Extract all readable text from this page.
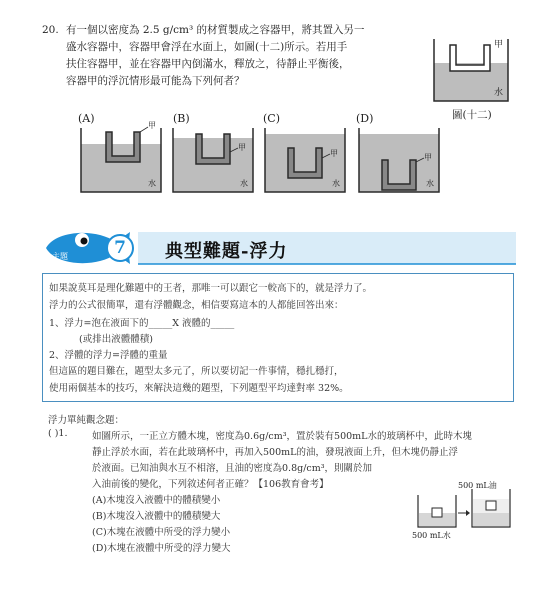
20. 有一個以密度為 2.5 g/cm³ 的材質製成之容器甲，將其置入另一
盛水容器中，容器甲會浮在水面上，如圖(十二)所示。若用手
扶住容器甲，並在容器甲內倒滿水，釋放之，待靜止平衡後，
容器甲的浮沉情形最可能為下列何者？
甲
水
圖(十二)
(A)	(B)	(C)	(D)
甲
水
甲
水
甲
水
甲
水
主題	7 典型難題-浮力
如果說莫耳是理化難題中的王者，那唯一可以跟它一較高下的，就是浮力了。
浮力的公式很簡單，還有浮體觀念，相信要寫這本的人都能回答出來：
1、浮力=泡在液面下的_____X 液體的_____
(或排出液體體積)
2、浮體的浮力=浮體的重量
但這區的題目難在，題型太多元了，所以要切記一件事情，穩扎穩打，
使用兩個基本的技巧，來解決這幾的題型，下列題型平均達對率 32%。
浮力單純觀念題：
( )1.	如圖所示，一正立方體木塊，密度為0.6g/cm³，置於裝有500mL水的玻璃杯中，此時木塊
靜止浮於水面，若在此玻璃杯中，再加入500mL的油，發現液面上升，但木塊仍靜止浮
於液面。已知油與水互不相溶，且油的密度為0.8g/cm³，則關於加
入油前後的變化，下列敘述何者正確？【106教育會考】
(A)木塊沒入液體中的體積變小
(B)木塊沒入液體中的體積變大
(C)木塊在液體中所受的浮力變小
(D)木塊在液體中所受的浮力變大
500 mL油
500 mL水
